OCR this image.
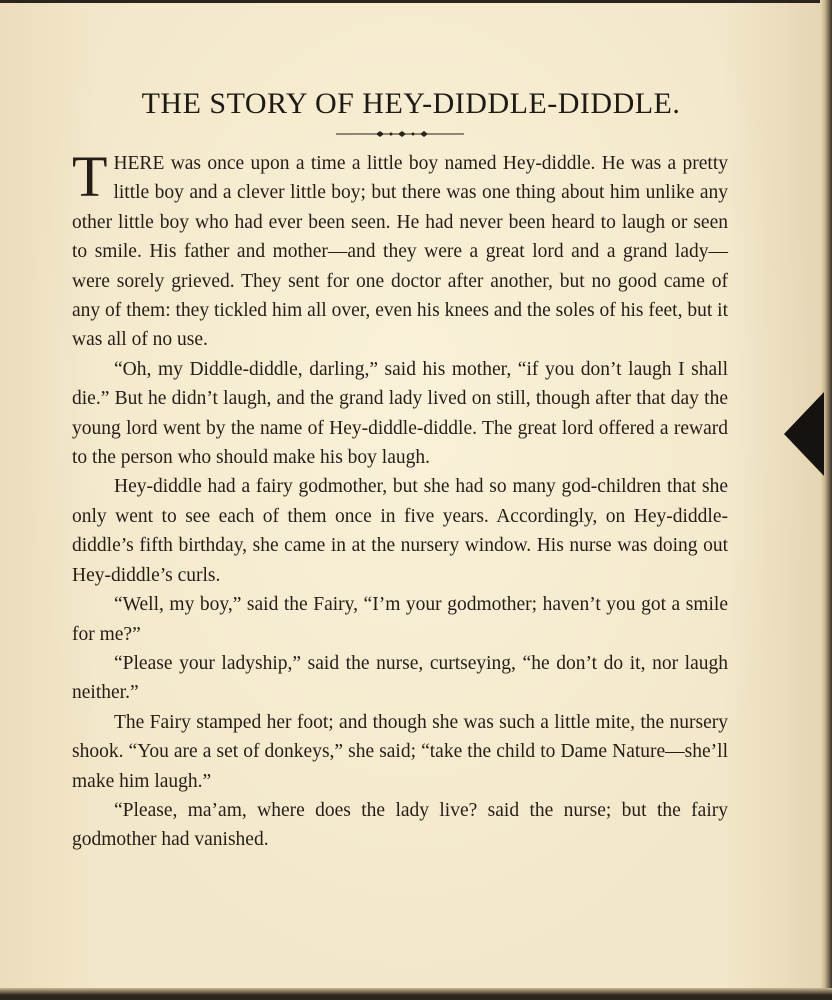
THE STORY OF HEY-DIDDLE-DIDDLE.

THERE was once upon a time a little boy named Hey-diddle. He was a pretty little boy and a clever little boy; but there was one thing about him unlike any other little boy who had ever been seen. He had never been heard to laugh or seen to smile. His father and mother—and they were a great lord and a grand lady—were sorely grieved. They sent for one doctor after another, but no good came of any of them: they tickled him all over, even his knees and the soles of his feet, but it was all of no use.

“Oh, my Diddle-diddle, darling,” said his mother, “if you don’t laugh I shall die.” But he didn’t laugh, and the grand lady lived on still, though after that day the young lord went by the name of Hey-diddle-diddle. The great lord offered a reward to the person who should make his boy laugh.

Hey-diddle had a fairy godmother, but she had so many god-children that she only went to see each of them once in five years. Accordingly, on Hey-diddle-diddle’s fifth birthday, she came in at the nursery window. His nurse was doing out Hey-diddle’s curls.

“Well, my boy,” said the Fairy, “I’m your godmother; haven’t you got a smile for me?”

“Please your ladyship,” said the nurse, curtseying, “he don’t do it, nor laugh neither.”

The Fairy stamped her foot; and though she was such a little mite, the nursery shook. “You are a set of donkeys,” she said; “take the child to Dame Nature—she’ll make him laugh.”

“Please, ma’am, where does the lady live? said the nurse; but the fairy godmother had vanished.
